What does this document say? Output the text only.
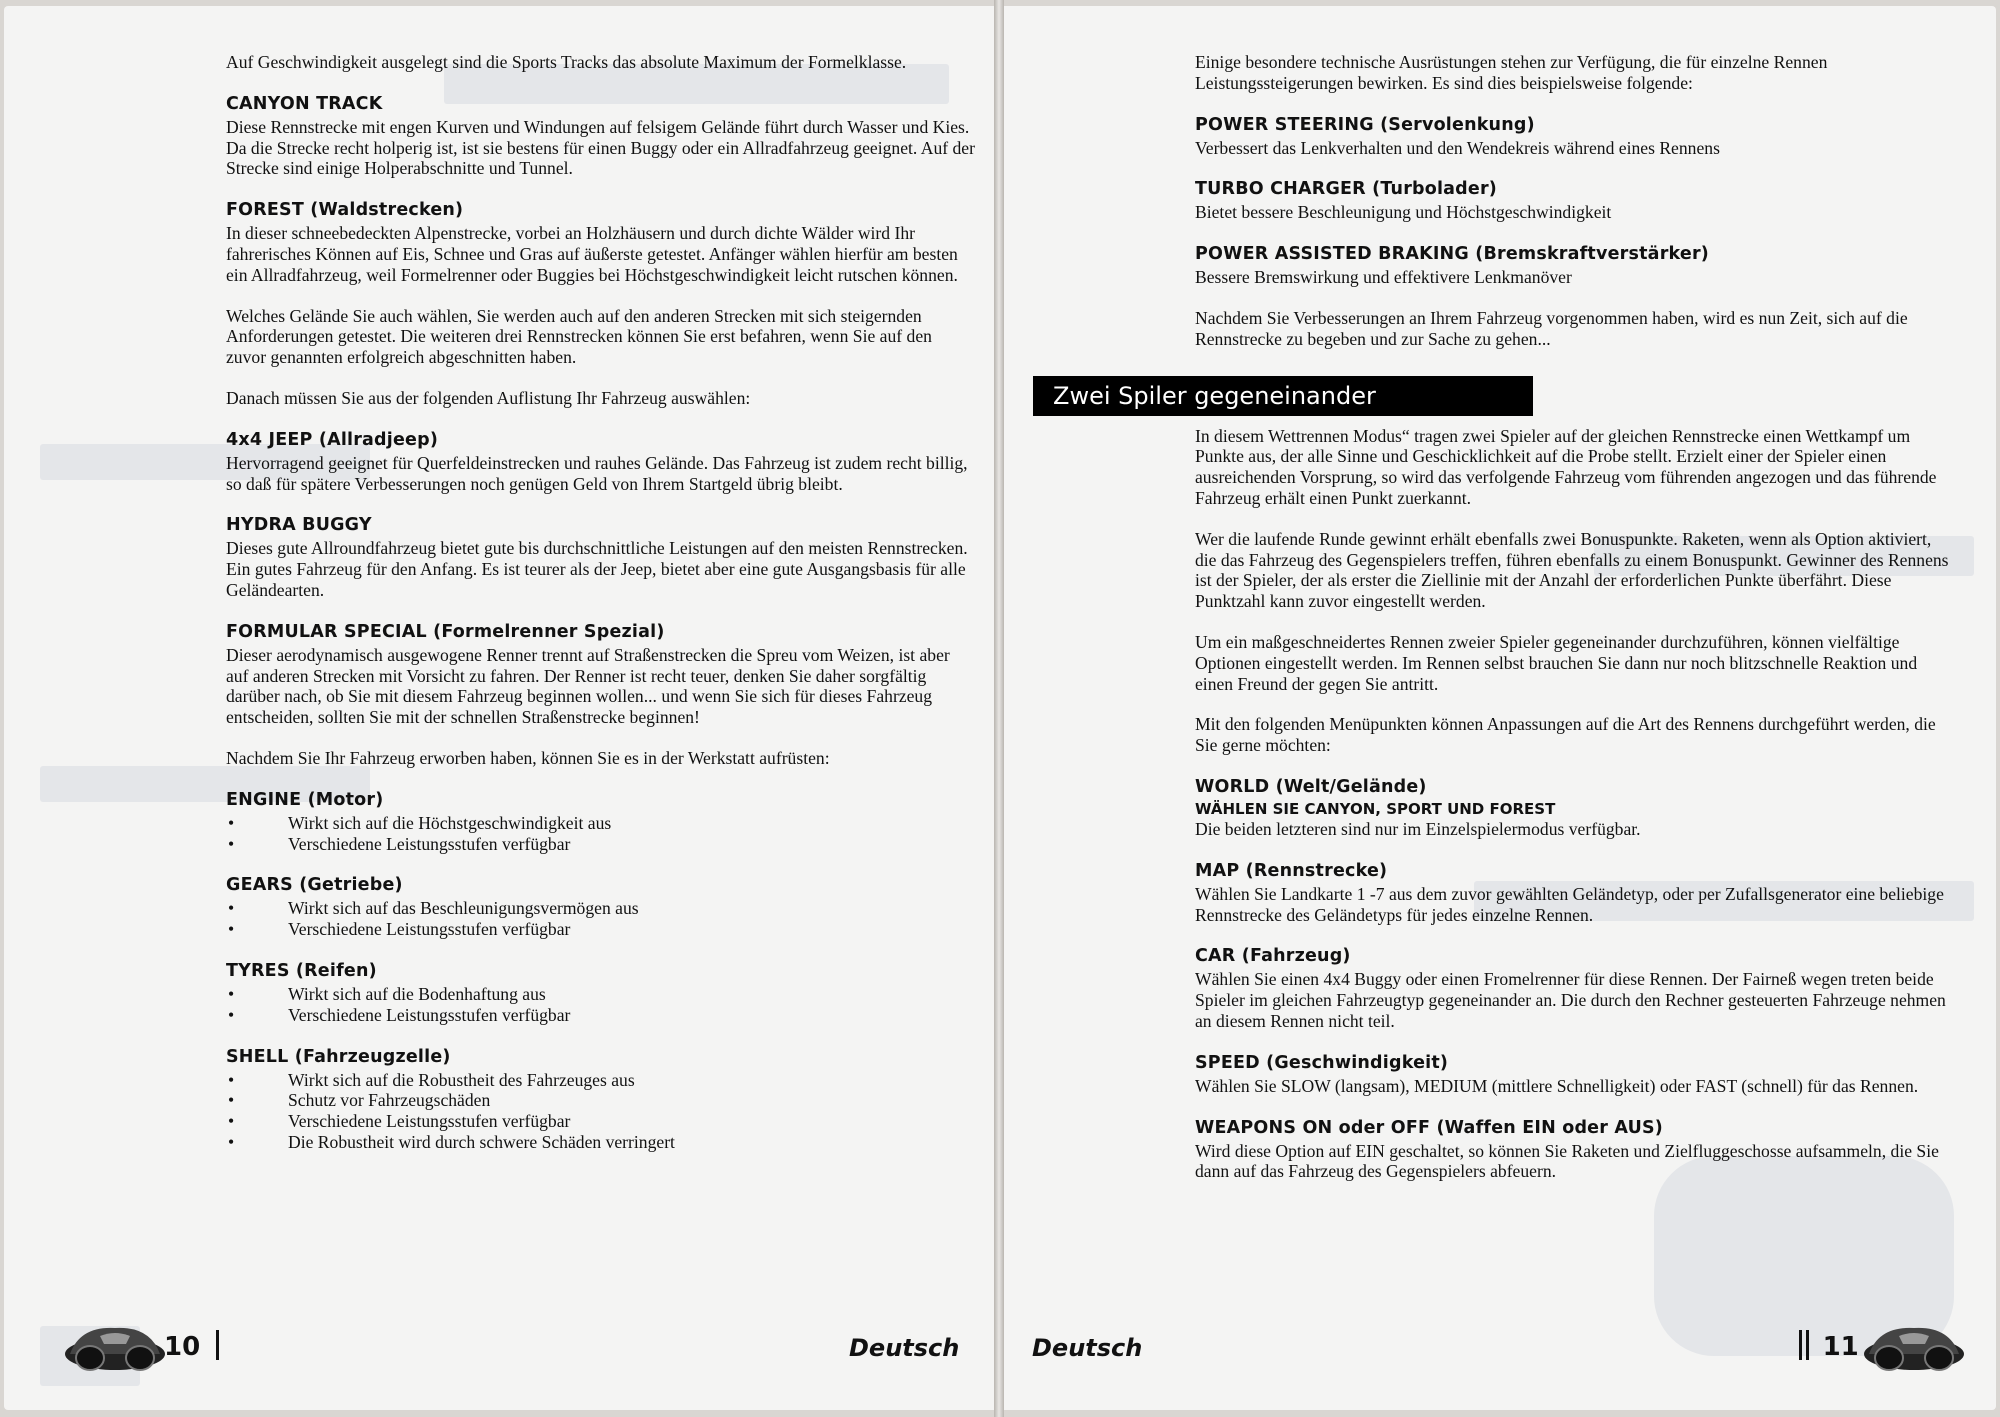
Auf Geschwindigkeit ausgelegt sind die Sports Tracks das absolute Maximum der Formelklasse.

CANYON TRACK

Diese Rennstrecke mit engen Kurven und Windungen auf felsigem Gelände führt durch Wasser und Kies. Da die Strecke recht holperig ist, ist sie bestens für einen Buggy oder ein Allradfahrzeug geeignet. Auf der Strecke sind einige Holperabschnitte und Tunnel.

FOREST (Waldstrecken)

In dieser schneebedeckten Alpenstrecke, vorbei an Holzhäusern und durch dichte Wälder wird Ihr fahrerisches Können auf Eis, Schnee und Gras auf äußerste getestet. Anfänger wählen hierfür am besten ein Allradfahrzeug, weil Formelrenner oder Buggies bei Höchstgeschwindigkeit leicht rutschen können.

Welches Gelände Sie auch wählen, Sie werden auch auf den anderen Strecken mit sich steigernden Anforderungen getestet. Die weiteren drei Rennstrecken können Sie erst befahren, wenn Sie auf den zuvor genannten erfolgreich abgeschnitten haben.

Danach müssen Sie aus der folgenden Auflistung Ihr Fahrzeug auswählen:

4x4 JEEP (Allradjeep)

Hervorragend geeignet für Querfeldeinstrecken und rauhes Gelände. Das Fahrzeug ist zudem recht billig, so daß für spätere Verbesserungen noch genügen Geld von Ihrem Startgeld übrig bleibt.

HYDRA BUGGY

Dieses gute Allroundfahrzeug bietet gute bis durchschnittliche Leistungen auf den meisten Rennstrecken. Ein gutes Fahrzeug für den Anfang. Es ist teurer als der Jeep, bietet aber eine gute Ausgangsbasis für alle Geländearten.

FORMULAR SPECIAL (Formelrenner Spezial)

Dieser aerodynamisch ausgewogene Renner trennt auf Straßenstrecken die Spreu vom Weizen, ist aber auf anderen Strecken mit Vorsicht zu fahren. Der Renner ist recht teuer, denken Sie daher sorgfältig darüber nach, ob Sie mit diesem Fahrzeug beginnen wollen... und wenn Sie sich für dieses Fahrzeug entscheiden, sollten Sie mit der schnellen Straßenstrecke beginnen!

Nachdem Sie Ihr Fahrzeug erworben haben, können Sie es in der Werkstatt aufrüsten:

ENGINE (Motor)
• Wirkt sich auf die Höchstgeschwindigkeit aus
• Verschiedene Leistungsstufen verfügbar
GEARS (Getriebe)
• Wirkt sich auf das Beschleunigungsvermögen aus
• Verschiedene Leistungsstufen verfügbar
TYRES (Reifen)
• Wirkt sich auf die Bodenhaftung aus
• Verschiedene Leistungsstufen verfügbar
SHELL (Fahrzeugzelle)
• Wirkt sich auf die Robustheit des Fahrzeuges aus
• Schutz vor Fahrzeugschäden
• Verschiedene Leistungsstufen verfügbar
• Die Robustheit wird durch schwere Schäden verringert
10	Deutsch

Einige besondere technische Ausrüstungen stehen zur Verfügung, die für einzelne Rennen Leistungssteigerungen bewirken. Es sind dies beispielsweise folgende:

POWER STEERING (Servolenkung)

Verbessert das Lenkverhalten und den Wendekreis während eines Rennens

TURBO CHARGER (Turbolader)

Bietet bessere Beschleunigung und Höchstgeschwindigkeit

POWER ASSISTED BRAKING (Bremskraftverstärker)

Bessere Bremswirkung und effektivere Lenkmanöver

Nachdem Sie Verbesserungen an Ihrem Fahrzeug vorgenommen haben, wird es nun Zeit, sich auf die Rennstrecke zu begeben und zur Sache zu gehen...

Zwei Spiler gegeneinander

In diesem Wettrennen Modus“ tragen zwei Spieler auf der gleichen Rennstrecke einen Wettkampf um Punkte aus, der alle Sinne und Geschicklichkeit auf die Probe stellt. Erzielt einer der Spieler einen ausreichenden Vorsprung, so wird das verfolgende Fahrzeug vom führenden angezogen und das führende Fahrzeug erhält einen Punkt zuerkannt.

Wer die laufende Runde gewinnt erhält ebenfalls zwei Bonuspunkte. Raketen, wenn als Option aktiviert, die das Fahrzeug des Gegenspielers treffen, führen ebenfalls zu einem Bonuspunkt. Gewinner des Rennens ist der Spieler, der als erster die Ziellinie mit der Anzahl der erforderlichen Punkte überfährt. Diese Punktzahl kann zuvor eingestellt werden.

Um ein maßgeschneidertes Rennen zweier Spieler gegeneinander durchzuführen, können vielfältige Optionen eingestellt werden. Im Rennen selbst brauchen Sie dann nur noch blitzschnelle Reaktion und einen Freund der gegen Sie antritt.

Mit den folgenden Menüpunkten können Anpassungen auf die Art des Rennens durchgeführt werden, die Sie gerne möchten:

WORLD (Welt/Gelände)
WÄHLEN SIE CANYON, SPORT UND FOREST

Die beiden letzteren sind nur im Einzelspielermodus verfügbar.

MAP (Rennstrecke)

Wählen Sie Landkarte 1 -7 aus dem zuvor gewählten Geländetyp, oder per Zufallsgenerator eine beliebige Rennstrecke des Geländetyps für jedes einzelne Rennen.

CAR (Fahrzeug)

Wählen Sie einen 4x4 Buggy oder einen Fromelrenner für diese Rennen. Der Fairneß wegen treten beide Spieler im gleichen Fahrzeugtyp gegeneinander an. Die durch den Rechner gesteuerten Fahrzeuge nehmen an diesem Rennen nicht teil.

SPEED (Geschwindigkeit)

Wählen Sie SLOW (langsam), MEDIUM (mittlere Schnelligkeit) oder FAST (schnell) für das Rennen.

WEAPONS ON oder OFF (Waffen EIN oder AUS)

Wird diese Option auf EIN geschaltet, so können Sie Raketen und Zielfluggeschosse aufsammeln, die Sie dann auf das Fahrzeug des Gegenspielers abfeuern.

Deutsch	11
